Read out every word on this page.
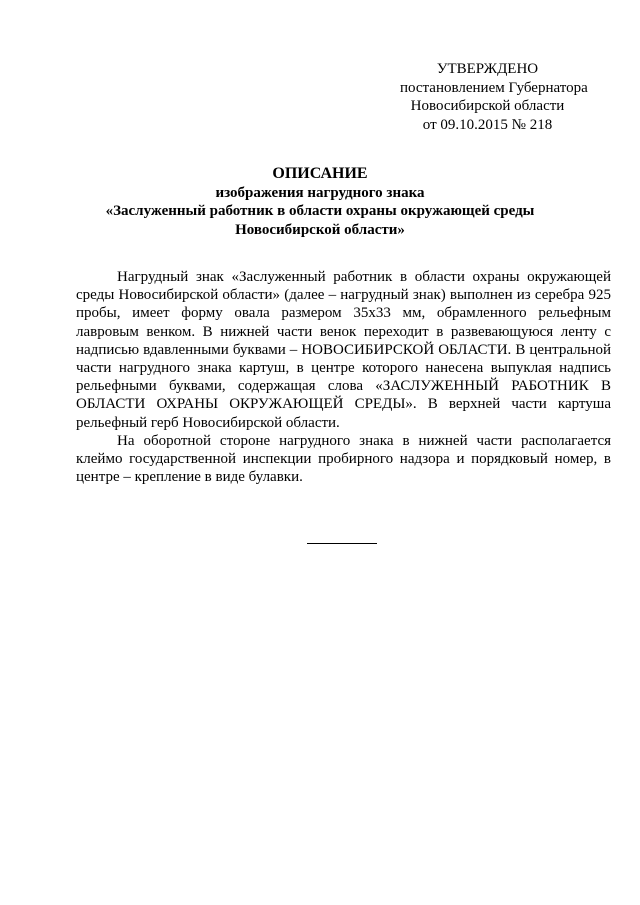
УТВЕРЖДЕНО
постановлением Губернатора
Новосибирской области
от 09.10.2015 № 218
ОПИСАНИЕ
изображения нагрудного знака
«Заслуженный работник в области охраны окружающей среды
Новосибирской области»

Нагрудный знак «Заслуженный работник в области охраны окружающей среды Новосибирской области» (далее – нагрудный знак) выполнен из серебра 925 пробы, имеет форму овала размером 35х33 мм, обрамленного рельефным лавровым венком. В нижней части венок переходит в развевающуюся ленту с надписью вдавленными буквами – НОВОСИБИРСКОЙ ОБЛАСТИ. В центральной части нагрудного знака картуш, в центре которого нанесена выпуклая надпись рельефными буквами, содержащая слова «ЗАСЛУЖЕННЫЙ РАБОТНИК В ОБЛАСТИ ОХРАНЫ ОКРУЖАЮЩЕЙ СРЕДЫ». В верхней части картуша рельефный герб Новосибирской области.

На оборотной стороне нагрудного знака в нижней части располагается клеймо государственной инспекции пробирного надзора и порядковый номер, в центре – крепление в виде булавки.
